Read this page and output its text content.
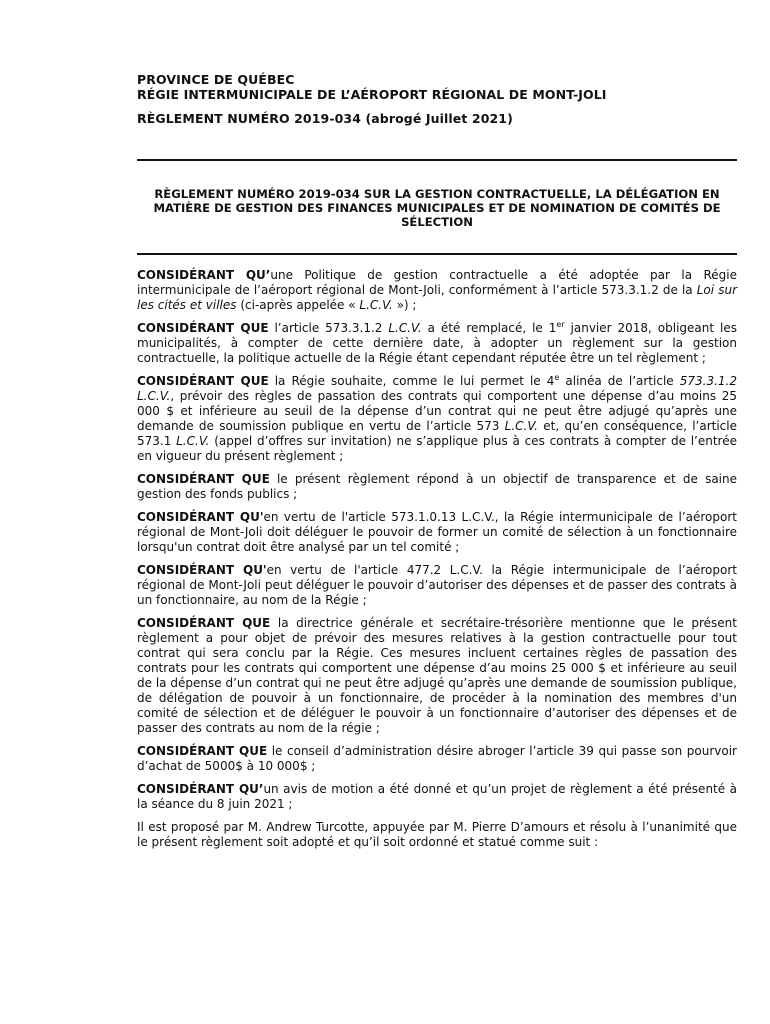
PROVINCE DE QUÉBEC
RÉGIE INTERMUNICIPALE DE L’AÉROPORT RÉGIONAL DE MONT-JOLI
RÈGLEMENT NUMÉRO 2019-034 (abrogé Juillet 2021)
RÈGLEMENT NUMÉRO 2019-034 SUR LA GESTION CONTRACTUELLE, LA DÉLÉGATION EN MATIÈRE DE GESTION DES FINANCES MUNICIPALES ET DE NOMINATION DE COMITÉS DE SÉLECTION

CONSIDÉRANT QU’une Politique de gestion contractuelle a été adoptée par la Régie intermunicipale de l’aéroport régional de Mont-Joli, conformément à l’article 573.3.1.2 de la Loi sur les cités et villes (ci-après appelée « L.C.V. ») ;

CONSIDÉRANT QUE l’article 573.3.1.2 L.C.V. a été remplacé, le 1er janvier 2018, obligeant les municipalités, à compter de cette dernière date, à adopter un règlement sur la gestion contractuelle, la politique actuelle de la Régie étant cependant réputée être un tel règlement ;

CONSIDÉRANT QUE la Régie souhaite, comme le lui permet le 4e alinéa de l’article 573.3.1.2 L.C.V., prévoir des règles de passation des contrats qui comportent une dépense d’au moins 25 000 $ et inférieure au seuil de la dépense d’un contrat qui ne peut être adjugé qu’après une demande de soumission publique en vertu de l’article 573 L.C.V. et, qu’en conséquence, l’article 573.1 L.C.V. (appel d’offres sur invitation) ne s’applique plus à ces contrats à compter de l’entrée en vigueur du présent règlement ;

CONSIDÉRANT QUE le présent règlement répond à un objectif de transparence et de saine gestion des fonds publics ;

CONSIDÉRANT QU'en vertu de l'article 573.1.0.13 L.C.V., la Régie intermunicipale de l’aéroport régional de Mont-Joli doit déléguer le pouvoir de former un comité de sélection à un fonctionnaire lorsqu'un contrat doit être analysé par un tel comité ;

CONSIDÉRANT QU'en vertu de l'article 477.2 L.C.V. la Régie intermunicipale de l’aéroport régional de Mont-Joli peut déléguer le pouvoir d’autoriser des dépenses et de passer des contrats à un fonctionnaire, au nom de la Régie ;

CONSIDÉRANT QUE la directrice générale et secrétaire-trésorière mentionne que le présent règlement a pour objet de prévoir des mesures relatives à la gestion contractuelle pour tout contrat qui sera conclu par la Régie. Ces mesures incluent certaines règles de passation des contrats pour les contrats qui comportent une dépense d’au moins 25 000 $ et inférieure au seuil de la dépense d’un contrat qui ne peut être adjugé qu’après une demande de soumission publique, de délégation de pouvoir à un fonctionnaire, de procéder à la nomination des membres d'un comité de sélection et de déléguer le pouvoir à un fonctionnaire d’autoriser des dépenses et de passer des contrats au nom de la régie ;

CONSIDÉRANT QUE le conseil d’administration désire abroger l’article 39 qui passe son pourvoir d’achat de 5000$ à 10 000$ ;

CONSIDÉRANT QU’un avis de motion a été donné et qu’un projet de règlement a été présenté à la séance du 8 juin 2021 ;

Il est proposé par M. Andrew Turcotte, appuyée par M. Pierre D’amours et résolu à l’unanimité que le présent règlement soit adopté et qu’il soit ordonné et statué comme suit :
